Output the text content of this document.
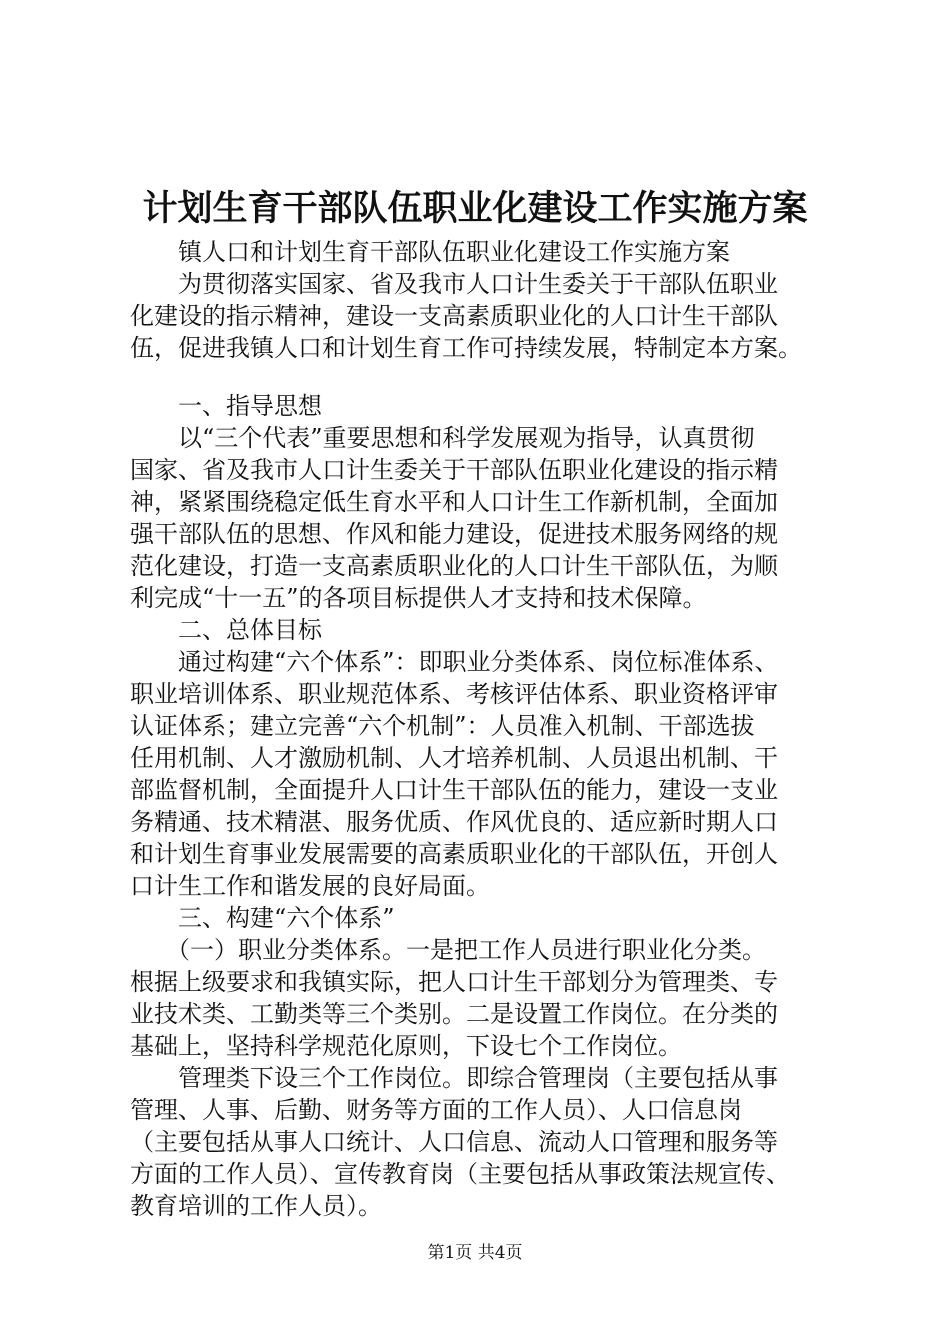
计划生育干部队伍职业化建设工作实施方案
　　镇人口和计划生育干部队伍职业化建设工作实施方案
　　为贯彻落实国家、省及我市人口计生委关于干部队伍职业
化建设的指示精神，建设一支高素质职业化的人口计生干部队
伍，促进我镇人口和计划生育工作可持续发展，特制定本方案。
　　一、指导思想
　　以“三个代表”重要思想和科学发展观为指导，认真贯彻
国家、省及我市人口计生委关于干部队伍职业化建设的指示精
神，紧紧围绕稳定低生育水平和人口计生工作新机制，全面加
强干部队伍的思想、作风和能力建设，促进技术服务网络的规
范化建设，打造一支高素质职业化的人口计生干部队伍，为顺
利完成“十一五”的各项目标提供人才支持和技术保障。
　　二、总体目标
　　通过构建“六个体系”：即职业分类体系、岗位标准体系、
职业培训体系、职业规范体系、考核评估体系、职业资格评审
认证体系；建立完善“六个机制”：人员准入机制、干部选拔
任用机制、人才激励机制、人才培养机制、人员退出机制、干
部监督机制，全面提升人口计生干部队伍的能力，建设一支业
务精通、技术精湛、服务优质、作风优良的、适应新时期人口
和计划生育事业发展需要的高素质职业化的干部队伍，开创人
口计生工作和谐发展的良好局面。
　　三、构建“六个体系”
　　（一）职业分类体系。一是把工作人员进行职业化分类。
根据上级要求和我镇实际，把人口计生干部划分为管理类、专
业技术类、工勤类等三个类别。二是设置工作岗位。在分类的
基础上，坚持科学规范化原则，下设七个工作岗位。
　　管理类下设三个工作岗位。即综合管理岗（主要包括从事
管理、人事、后勤、财务等方面的工作人员）、人口信息岗
（主要包括从事人口统计、人口信息、流动人口管理和服务等
方面的工作人员）、宣传教育岗（主要包括从事政策法规宣传、
教育培训的工作人员）。
第1页 共4页
